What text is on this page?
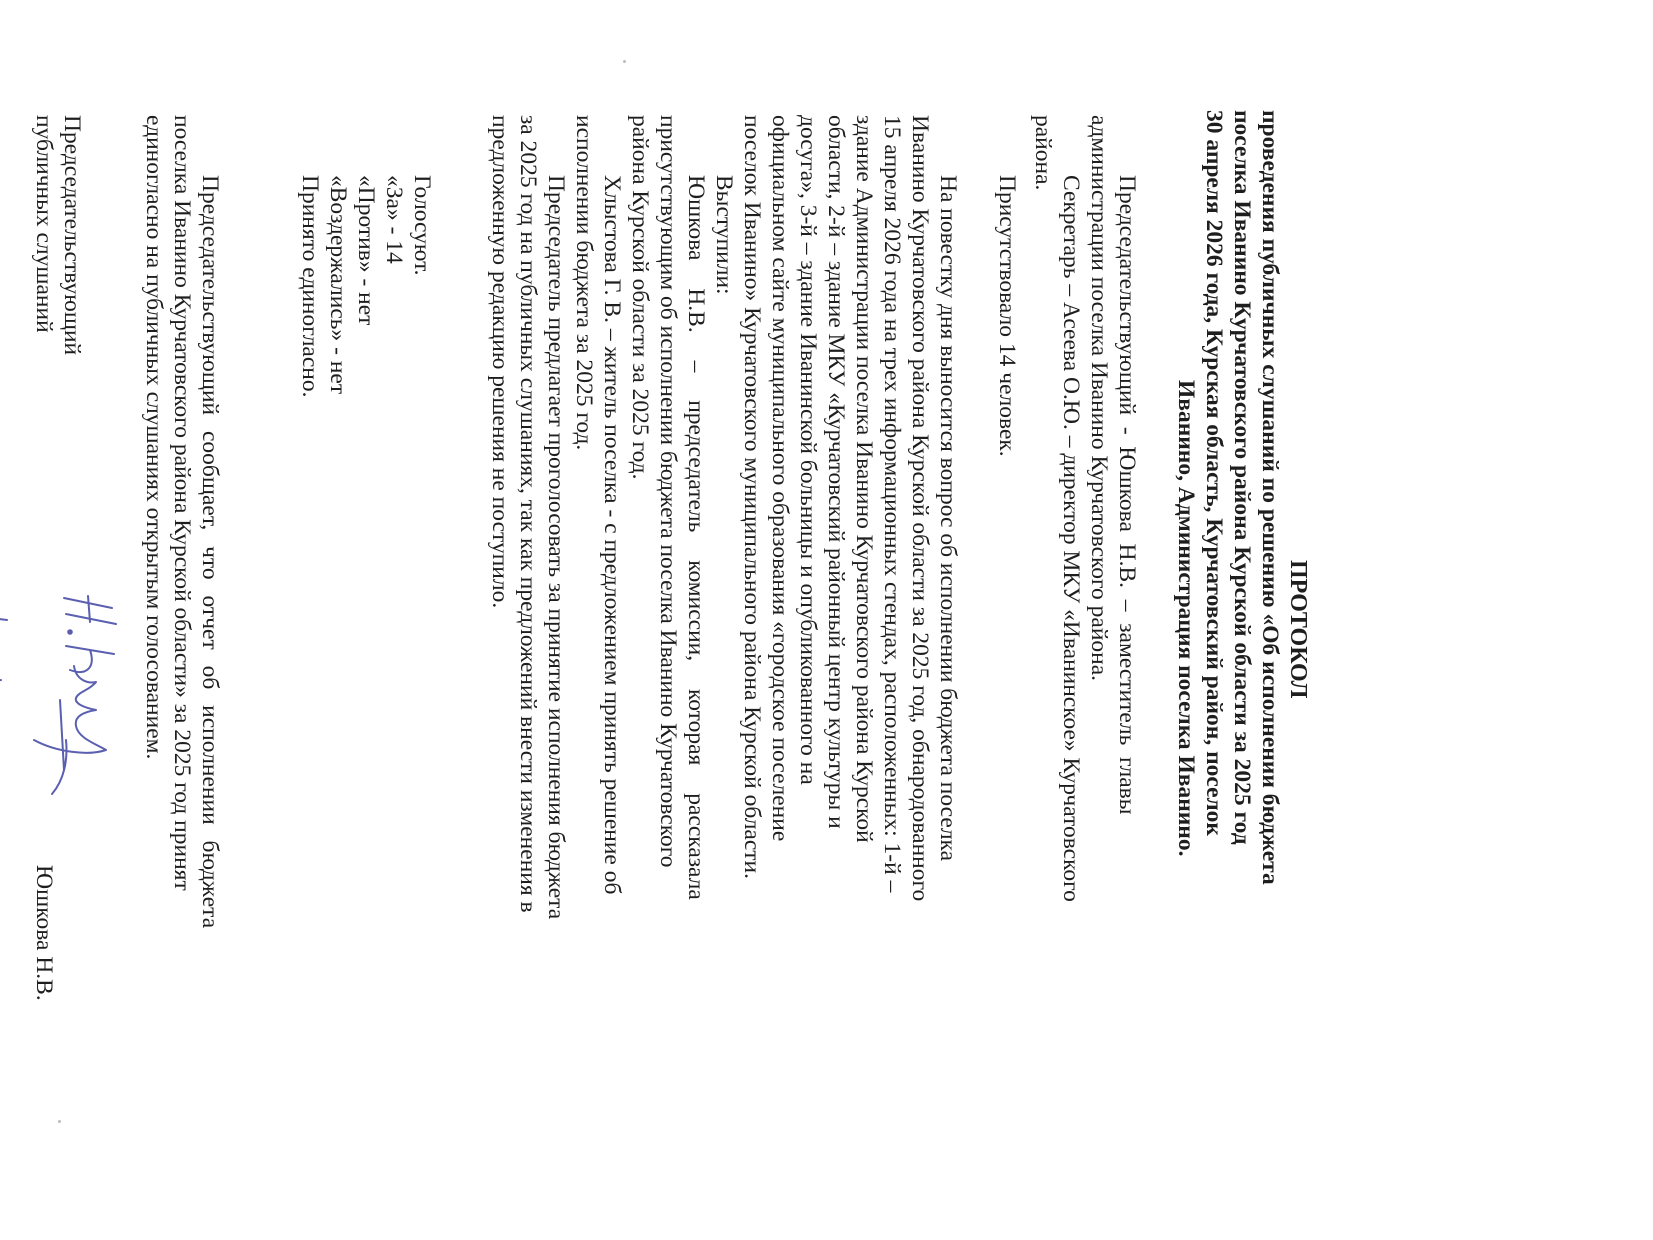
ПРОТОКОЛ
проведения публичных слушаний по решению «Об исполнении бюджета
поселка Иванино Курчатовского района Курской области за 2025 год
30 апреля 2026 года, Курская область, Курчатовский район, поселок
Иванино, Администрация поселка Иванино.
Председательствующий  -  Юшкова  Н.В.  –  заместитель  главы
администрации поселка Иванино Курчатовского района.
Секретарь – Асеева О.Ю. – директор МКУ «Иванинское» Курчатовского
района.
Присутствовало 14 человек.
На повестку дня выносится вопрос об исполнении бюджета поселка
Иванино Курчатовского района Курской области за 2025 год, обнародованного
15 апреля 2026 года на трех информационных стендах, расположенных: 1-й –
здание Администрации поселка Иванино Курчатовского района Курской
области, 2-й – здание МКУ «Курчатовский районный центр культуры и
досуга», 3-й – здание Иванинской больницы и опубликованного на
официальном сайте муниципального образования «городское поселение
поселок Иванино» Курчатовского муниципального района Курской области.
Выступили:
Юшкова Н.В. – председатель комиссии, которая рассказала
присутствующим об исполнении бюджета поселка Иванино Курчатовского
района Курской области за 2025 год.
Хлыстова Г. В. – житель поселка - с предложением принять решение об
исполнении бюджета за 2025 год.
Председатель предлагает проголосовать за принятие исполнения бюджета
за 2025 год на публичных слушаниях, так как предложений внести изменения в
предложенную редакцию решения не поступило.
Голосуют.
«За» - 14
«Против» - нет
«Воздержались» - нет
Принято единогласно.
Председательствующий сообщает, что отчет об исполнении бюджета
поселка Иванино Курчатовского района Курской области» за 2025 год принят
единогласно на публичных слушаниях открытым голосованием.
Председательствующий
публичных слушаний
Юшкова Н.В.
